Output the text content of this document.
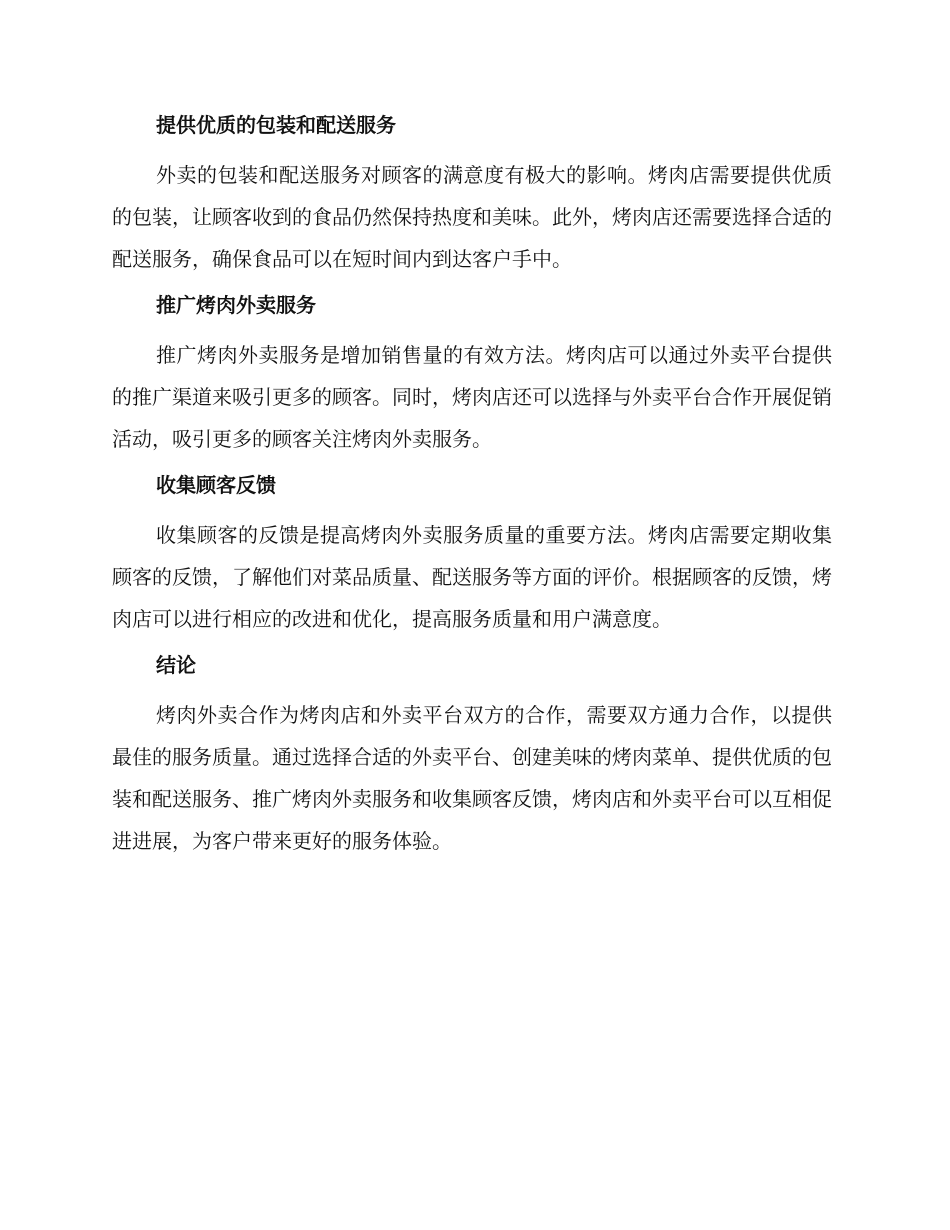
提供优质的包装和配送服务

外卖的包装和配送服务对顾客的满意度有极大的影响。烤肉店需要提供优质的包装，让顾客收到的食品仍然保持热度和美味。此外，烤肉店还需要选择合适的配送服务，确保食品可以在短时间内到达客户手中。

推广烤肉外卖服务

推广烤肉外卖服务是增加销售量的有效方法。烤肉店可以通过外卖平台提供的推广渠道来吸引更多的顾客。同时，烤肉店还可以选择与外卖平台合作开展促销活动，吸引更多的顾客关注烤肉外卖服务。

收集顾客反馈

收集顾客的反馈是提高烤肉外卖服务质量的重要方法。烤肉店需要定期收集顾客的反馈，了解他们对菜品质量、配送服务等方面的评价。根据顾客的反馈，烤肉店可以进行相应的改进和优化，提高服务质量和用户满意度。

结论

烤肉外卖合作为烤肉店和外卖平台双方的合作，需要双方通力合作，以提供最佳的服务质量。通过选择合适的外卖平台、创建美味的烤肉菜单、提供优质的包装和配送服务、推广烤肉外卖服务和收集顾客反馈，烤肉店和外卖平台可以互相促进进展，为客户带来更好的服务体验。
